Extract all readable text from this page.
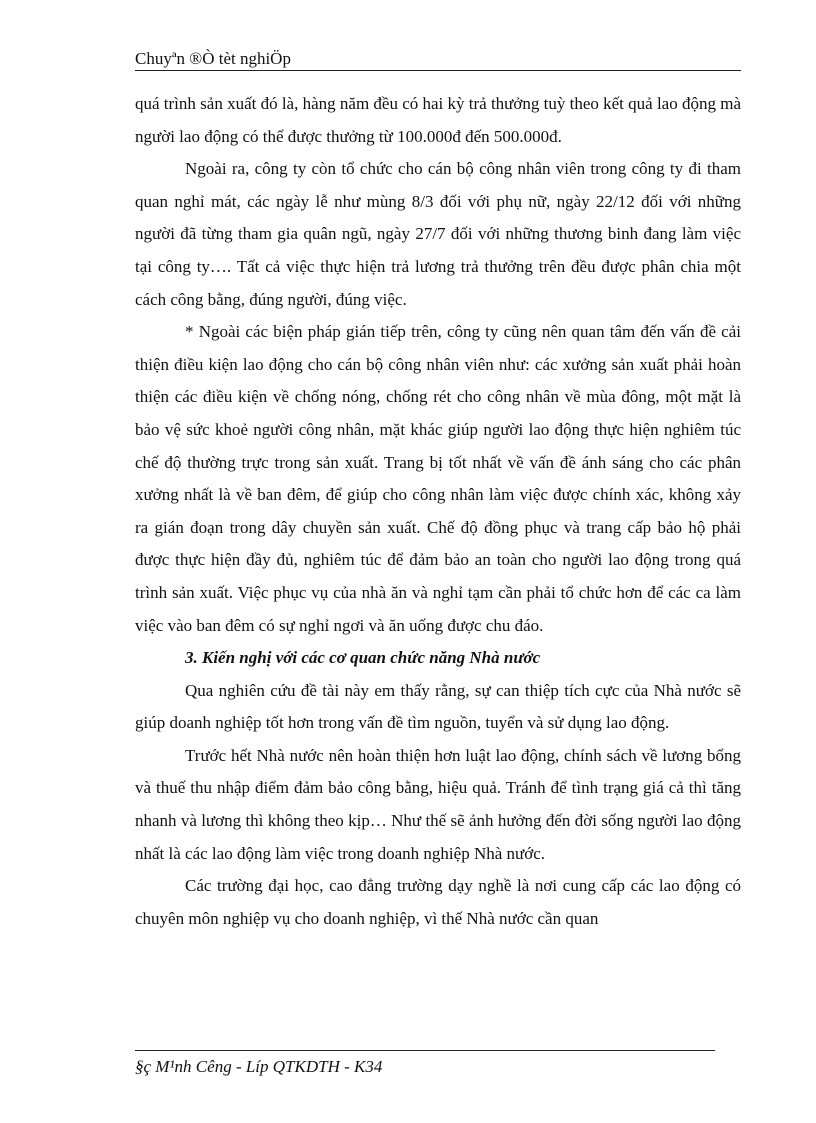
Chuyªn ®Ò tèt nghiÖp

quá trình sản xuất đó là, hàng năm đều có hai kỳ trả thưởng tuỳ theo kết quả lao động mà người lao động có thể được thưởng từ 100.000đ đến 500.000đ.

Ngoài ra, công ty còn tổ chức cho cán bộ công nhân viên trong công ty đi tham quan nghỉ mát, các ngày lễ như mùng 8/3 đối với phụ nữ, ngày 22/12 đối với những người đã từng tham gia quân ngũ, ngày 27/7 đối với những thương binh đang làm việc tại công ty…. Tất cả việc thực hiện trả lương trả thưởng trên đều được phân chia một cách công bằng, đúng người, đúng việc.

* Ngoài các biện pháp gián tiếp trên, công ty cũng nên quan tâm đến vấn đề cải thiện điều kiện lao động cho cán bộ công nhân viên như: các xưởng sản xuất phải hoàn thiện các điều kiện về chống nóng, chống rét cho công nhân về mùa đông, một mặt là bảo vệ sức khoẻ người công nhân, mặt khác giúp người lao động thực hiện nghiêm túc chế độ thường trực trong sản xuất. Trang bị tốt nhất về vấn đề ánh sáng cho các phân xưởng nhất là về ban đêm, để giúp cho công nhân làm việc được chính xác, không xảy ra gián đoạn trong dây chuyền sản xuất. Chế độ đồng phục và trang cấp bảo hộ phải được thực hiện đầy đủ, nghiêm túc để đảm bảo an toàn cho người lao động trong quá trình sản xuất. Việc phục vụ của nhà ăn và nghỉ tạm cần phải tổ chức hơn để các ca làm việc vào ban đêm có sự nghỉ ngơi và ăn uống được chu đáo.

3. Kiến nghị với các cơ quan chức năng Nhà nước

Qua nghiên cứu đề tài này em thấy rằng, sự can thiệp tích cực của Nhà nước sẽ giúp doanh nghiệp tốt hơn trong vấn đề tìm nguồn, tuyển và sử dụng lao động.

Trước hết Nhà nước nên hoàn thiện hơn luật lao động, chính sách về lương bổng và thuế thu nhập điểm đảm bảo công bằng, hiệu quả. Tránh để tình trạng giá cả thì tăng nhanh và lương thì không theo kịp… Như thế sẽ ảnh hưởng đến đời sống người lao động nhất là các lao động làm việc trong doanh nghiệp Nhà nước.

Các trường đại học, cao đẳng trường dạy nghề là nơi cung cấp các lao động có chuyên môn nghiệp vụ cho doanh nghiệp, vì thế Nhà nước cần quan

§ç M¹nh Cêng - Líp QTKDTH - K34
